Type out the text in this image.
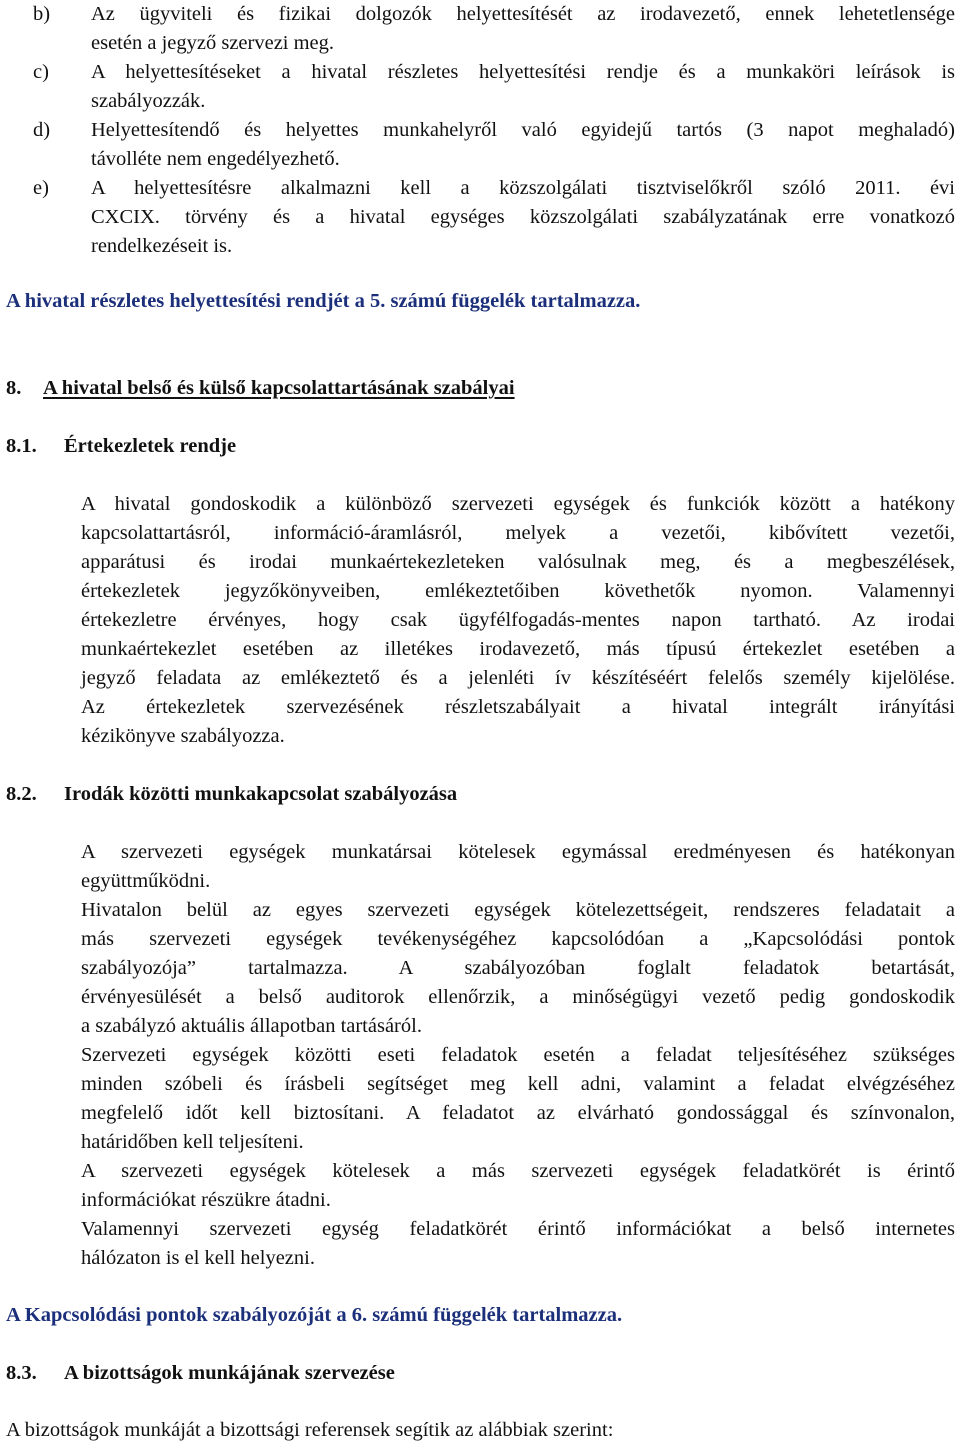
b) Az ügyviteli és fizikai dolgozók helyettesítését az irodavezető, ennek lehetetlensége
esetén a jegyző szervezi meg.
c) A helyettesítéseket a hivatal részletes helyettesítési rendje és a munkaköri leírások is
szabályozzák.
d) Helyettesítendő és helyettes munkahelyről való egyidejű tartós (3 napot meghaladó)
távolléte nem engedélyezhető.
e) A helyettesítésre alkalmazni kell a közszolgálati tisztviselőkről szóló 2011. évi
CXCIX. törvény és a hivatal egységes közszolgálati szabályzatának erre vonatkozó
rendelkezéseit is.
A hivatal részletes helyettesítési rendjét a 5. számú függelék tartalmazza.
8. A hivatal belső és külső kapcsolattartásának szabályai
8.1. Értekezletek rendje
A hivatal gondoskodik a különböző szervezeti egységek és funkciók között a hatékony
kapcsolattartásról, információ-áramlásról, melyek a vezetői, kibővített vezetői,
apparátusi és irodai munkaértekezleteken valósulnak meg, és a megbeszélések,
értekezletek jegyzőkönyveiben, emlékeztetőiben követhetők nyomon. Valamennyi
értekezletre érvényes, hogy csak ügyfélfogadás-mentes napon tartható. Az irodai
munkaértekezlet esetében az illetékes irodavezető, más típusú értekezlet esetében a
jegyző feladata az emlékeztető és a jelenléti ív készítéséért felelős személy kijelölése.
Az értekezletek szervezésének részletszabályait a hivatal integrált irányítási
kézikönyve szabályozza.
8.2. Irodák közötti munkakapcsolat szabályozása
A szervezeti egységek munkatársai kötelesek egymással eredményesen és hatékonyan
együttműködni.
Hivatalon belül az egyes szervezeti egységek kötelezettségeit, rendszeres feladatait a
más szervezeti egységek tevékenységéhez kapcsolódóan a „Kapcsolódási pontok
szabályozója” tartalmazza. A szabályozóban foglalt feladatok betartását,
érvényesülését a belső auditorok ellenőrzik, a minőségügyi vezető pedig gondoskodik
a szabályzó aktuális állapotban tartásáról.
Szervezeti egységek közötti eseti feladatok esetén a feladat teljesítéséhez szükséges
minden szóbeli és írásbeli segítséget meg kell adni, valamint a feladat elvégzéséhez
megfelelő időt kell biztosítani. A feladatot az elvárható gondossággal és színvonalon,
határidőben kell teljesíteni.
A szervezeti egységek kötelesek a más szervezeti egységek feladatkörét is érintő
információkat részükre átadni.
Valamennyi szervezeti egység feladatkörét érintő információkat a belső internetes
hálózaton is el kell helyezni.
A Kapcsolódási pontok szabályozóját a 6. számú függelék tartalmazza.
8.3. A bizottságok munkájának szervezése
A bizottságok munkáját a bizottsági referensek segítik az alábbiak szerint:
